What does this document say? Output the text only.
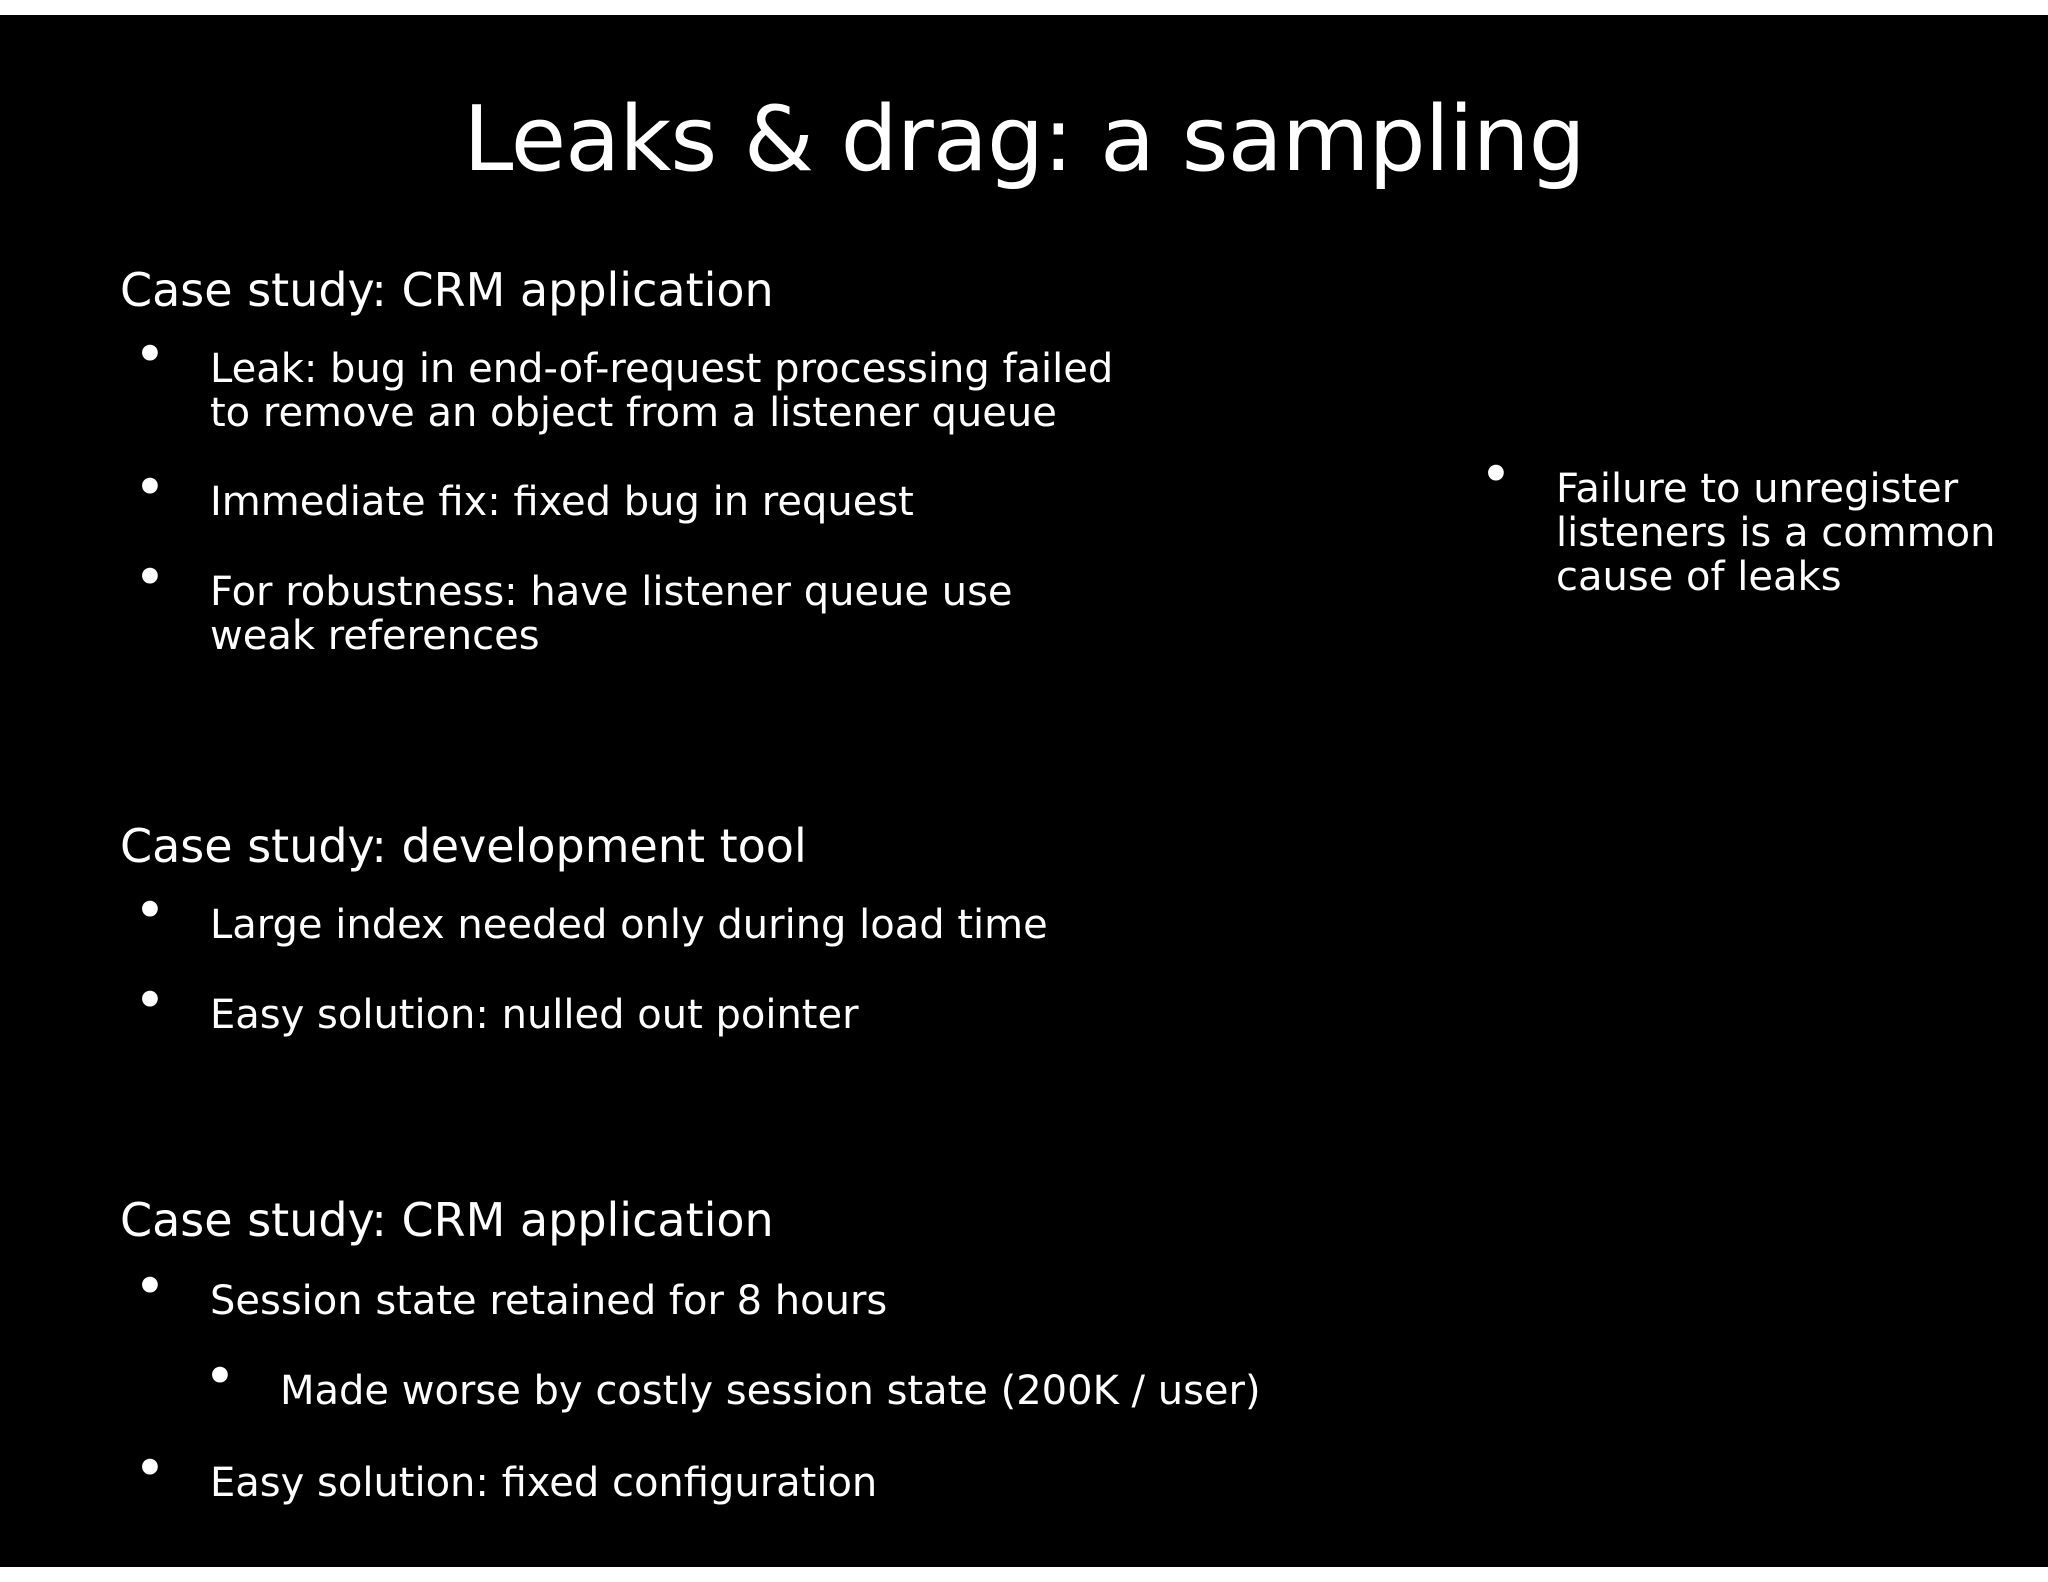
Leaks & drag: a sampling
Case study: CRM application
• Leak: bug in end-of-request processing failed to remove an object from a listener queue
• Immediate fix: fixed bug in request
• For robustness: have listener queue use weak references
• Failure to unregister listeners is a common cause of leaks
Case study: development tool
• Large index needed only during load time
• Easy solution: nulled out pointer
Case study: CRM application
• Session state retained for 8 hours
• Made worse by costly session state (200K / user)
• Easy solution: fixed configuration
